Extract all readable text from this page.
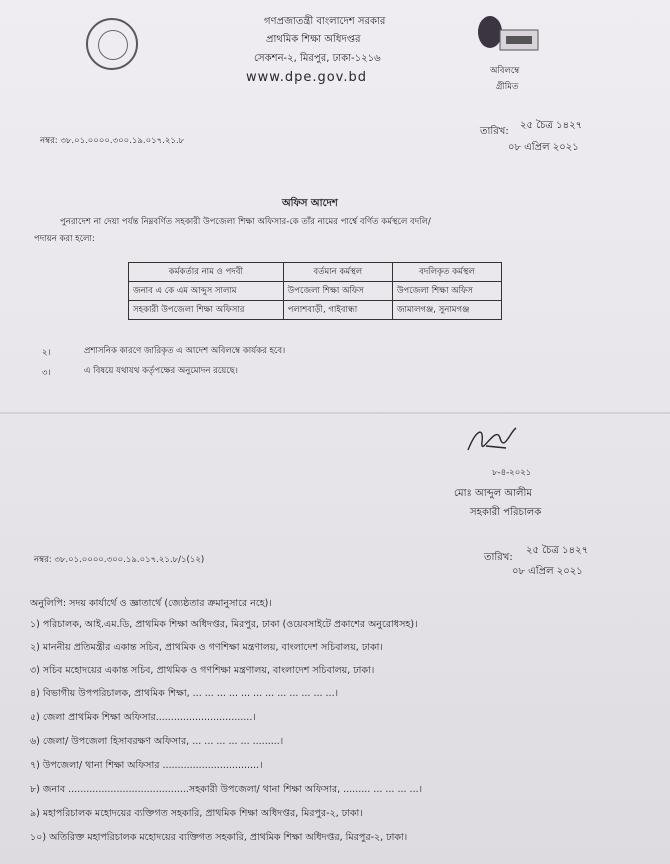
গণপ্রজাতন্ত্রী বাংলাদেশ সরকার
প্রাথমিক শিক্ষা অধিদপ্তর
সেকশন-২, মিরপুর, ঢাকা-১২১৬
www.dpe.gov.bd	অবিলম্বে
গ্রীমিত
নম্বর: ৩৮.০১.০০০০.৩০০.১৯.০১৭.২১.৮
তারিখ:
২৫ চৈত্র ১৪২৭
০৮ এপ্রিল ২০২১
অফিস আদেশ
পুনরাদেশ না দেয়া পর্যন্ত নিম্নবর্ণিত সহকারী উপজেলা শিক্ষা অফিসার-কে তাঁর নামের পার্শ্বে বর্ণিত কর্মস্থলে বদলি/
পদায়ন করা হলো:
কর্মকর্তার নাম ও পদবী	বর্তমান কর্মস্থল	বদলিকৃত কর্মস্থল
জনাব এ কে এম আব্দুস সালাম	উপজেলা শিক্ষা অফিস	উপজেলা শিক্ষা অফিস
সহকারী উপজেলা শিক্ষা অফিসার	পলাশবাড়ী, গাইবান্ধা	জামালগঞ্জ, সুনামগঞ্জ
২।	প্রশাসনিক কারণে জারিকৃত এ আদেশ অবিলম্বে কার্যকর হবে।
৩।	এ বিষয়ে যথাযথ কর্তৃপক্ষের অনুমোদন রয়েছে।
৮-৪-২০২১
মোঃ আব্দুল আলীম
সহকারী পরিচালক
নম্বর: ৩৮.০১.০০০০.৩০০.১৯.০১৭.২১.৮/১(১২)	তারিখ:
২৫ চৈত্র ১৪২৭
০৮ এপ্রিল ২০২১
অনুলিপি: সদয় কার্যার্থে ও জ্ঞাতার্থে (জ্যেষ্ঠতার ক্রমানুসারে নহে)।
১) পরিচালক, আই.এম.ডি, প্রাথমিক শিক্ষা অধিদপ্তর, মিরপুর, ঢাকা (ওয়েবসাইটে প্রকাশের অনুরোধসহ)।
২) মাননীয় প্রতিমন্ত্রীর একান্ত সচিব, প্রাথমিক ও গণশিক্ষা মন্ত্রণালয়, বাংলাদেশ সচিবালয়, ঢাকা।
৩) সচিব মহোদয়ের একান্ত সচিব, প্রাথমিক ও গণশিক্ষা মন্ত্রণালয়, বাংলাদেশ সচিবালয়, ঢাকা।
৪) বিভাগীয় উপপরিচালক, প্রাথমিক শিক্ষা, ... ... ... ... ... ... ... ... ... ... ... ...।
৫) জেলা প্রাথমিক শিক্ষা অফিসার................................।
৬) জেলা/ উপজেলা হিসাবরক্ষণ অফিসার, ... ... ... ... ... .........।
৭) উপজেলা/ থানা শিক্ষা অফিসার ................................।
৮) জনাব ........................................সহকারী উপজেলা/ থানা শিক্ষা অফিসার, ......... ... ... ... ...।
৯) মহাপরিচালক মহোদয়ের ব্যক্তিগত সহকারি, প্রাথমিক শিক্ষা অধিদপ্তর, মিরপুর-২, ঢাকা।
১০) অতিরিক্ত মহাপরিচালক মহোদয়ের ব্যক্তিগত সহকারি, প্রাথমিক শিক্ষা অধিদপ্তর, মিরপুর-২, ঢাকা।
